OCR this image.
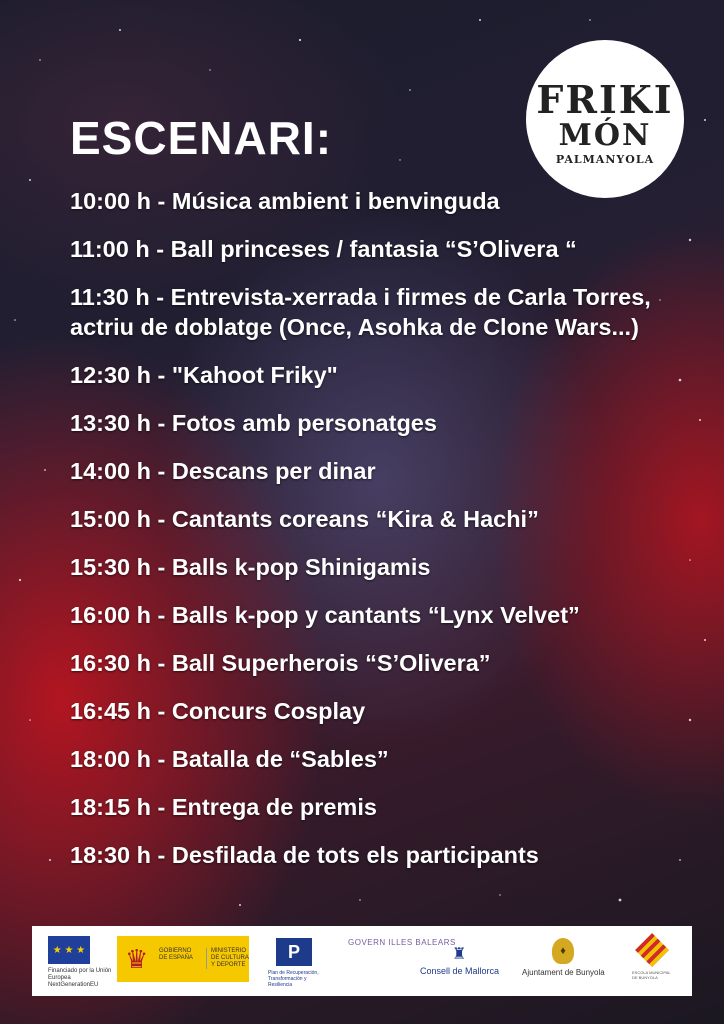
ESCENARI:
FRIKI
MÓN
PALMANYOLA

10:00 h - Música ambient i benvinguda

11:00 h - Ball princeses / fantasia “S’Olivera “

11:30 h - Entrevista-xerrada i firmes de Carla Torres, actriu de doblatge (Once, Asohka de Clone Wars...)

12:30 h - "Kahoot Friky"

13:30 h - Fotos amb personatges

14:00 h - Descans per dinar

15:00 h - Cantants coreans “Kira & Hachi”

15:30 h - Balls k-pop Shinigamis

16:00 h - Balls k-pop y cantants “Lynx Velvet”

16:30 h - Ball Superherois “S’Olivera”

16:45 h - Concurs Cosplay

18:00 h - Batalla de “Sables”

18:15 h - Entrega de premis

18:30 h - Desfilada de tots els participants

★ ★ ★
Financiado por la Unión Europea NextGenerationEU
♛ GOBIERNO DE ESPAÑA
MINISTERIO DE CULTURA Y DEPORTE
P
Plan de Recuperación, Transformación y Resiliencia
GOVERN ILLES BALEARS
♜
Consell de Mallorca
♦
Ajuntament de Bunyola	ESCOLA MUNICIPAL DE BUNYOLA
